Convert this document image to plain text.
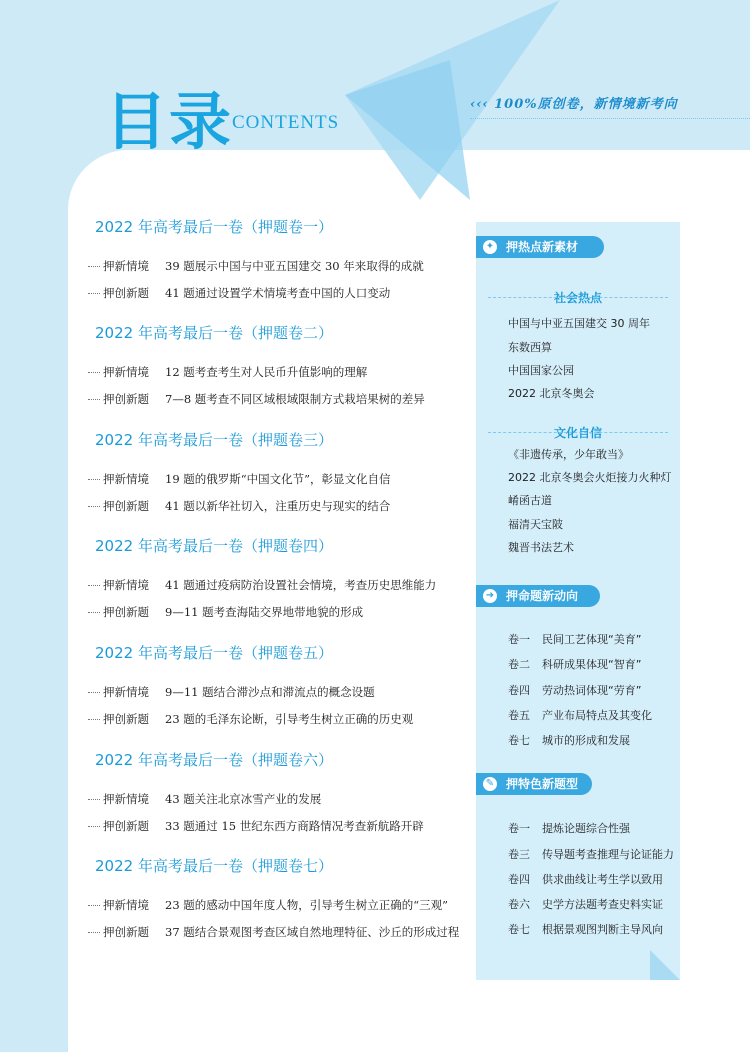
目录
CONTENTS
‹‹‹ 100%原创卷，新情境新考向
2022 年高考最后一卷（押题卷一）
押新情境 39 题展示中国与中亚五国建交 30 年来取得的成就
押创新题 41 题通过设置学术情境考查中国的人口变动
2022 年高考最后一卷（押题卷二）
押新情境 12 题考查考生对人民币升值影响的理解
押创新题 7—8 题考查不同区域根域限制方式栽培果树的差异
2022 年高考最后一卷（押题卷三）
押新情境 19 题的俄罗斯“中国文化节”，彰显文化自信
押创新题 41 题以新华社切入，注重历史与现实的结合
2022 年高考最后一卷（押题卷四）
押新情境 41 题通过疫病防治设置社会情境，考查历史思维能力
押创新题 9—11 题考查海陆交界地带地貌的形成
2022 年高考最后一卷（押题卷五）
押新情境 9—11 题结合滞沙点和滞流点的概念设题
押创新题 23 题的毛泽东论断，引导考生树立正确的历史观
2022 年高考最后一卷（押题卷六）
押新情境 43 题关注北京冰雪产业的发展
押创新题 33 题通过 15 世纪东西方商路情况考查新航路开辟
2022 年高考最后一卷（押题卷七）
押新情境 23 题的感动中国年度人物，引导考生树立正确的“三观”
押创新题 37 题结合景观图考查区域自然地理特征、沙丘的形成过程
✦ 押热点新素材
社会热点
中国与中亚五国建交 30 周年
东数西算
中国国家公园
2022 北京冬奥会
文化自信
《非遗传承，少年敢当》
2022 北京冬奥会火炬接力火种灯
崤函古道
福清天宝陂
魏晋书法艺术
➜ 押命题新动向
卷一 民间工艺体现“美育”
卷二 科研成果体现“智育”
卷四 劳动热词体现“劳育”
卷五 产业布局特点及其变化
卷七 城市的形成和发展
✎ 押特色新题型
卷一 提炼论题综合性强
卷三 传导题考查推理与论证能力
卷四 供求曲线让考生学以致用
卷六 史学方法题考查史料实证
卷七 根据景观图判断主导风向
